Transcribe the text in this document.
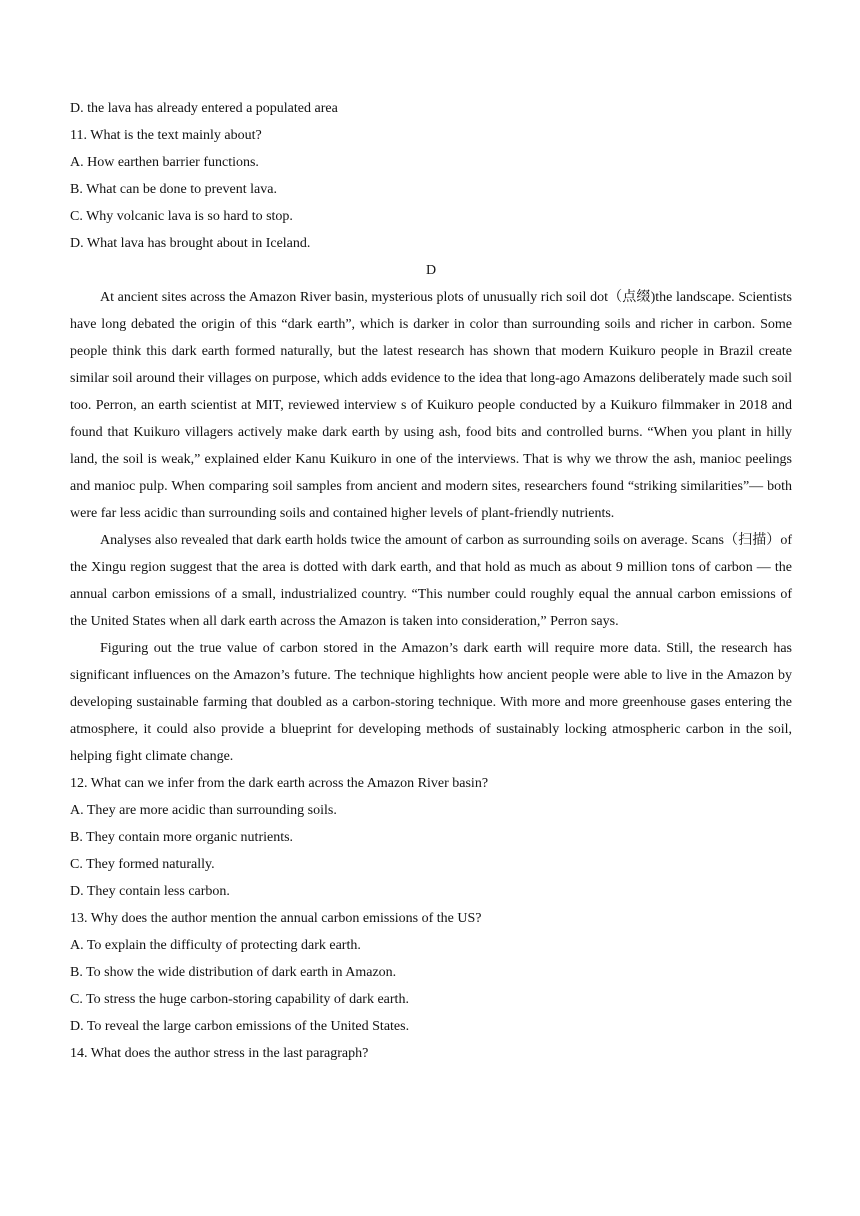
D. the lava has already entered a populated area
11. What is the text mainly about?
A. How earthen barrier functions.
B. What can be done to prevent lava.
C. Why volcanic lava is so hard to stop.
D. What lava has brought about in Iceland.
D
At ancient sites across the Amazon River basin, mysterious plots of unusually rich soil dot（点缀)the landscape. Scientists have long debated the origin of this “dark earth”, which is darker in color than surrounding soils and richer in carbon. Some people think this dark earth formed naturally, but the latest research has shown that modern Kuikuro people in Brazil create similar soil around their villages on purpose, which adds evidence to the idea that long-ago Amazons deliberately made such soil too. Perron, an earth scientist at MIT, reviewed interview s of Kuikuro people conducted by a Kuikuro filmmaker in 2018 and found that Kuikuro villagers actively make dark earth by using ash, food bits and controlled burns. “When you plant in hilly land, the soil is weak,” explained elder Kanu Kuikuro in one of the interviews. That is why we throw the ash, manioc peelings and manioc pulp. When comparing soil samples from ancient and modern sites, researchers found “striking similarities”— both were far less acidic than surrounding soils and contained higher levels of plant-friendly nutrients.
Analyses also revealed that dark earth holds twice the amount of carbon as surrounding soils on average. Scans（扫描）of the Xingu region suggest that the area is dotted with dark earth, and that hold as much as about 9 million tons of carbon — the annual carbon emissions of a small, industrialized country. “This number could roughly equal the annual carbon emissions of the United States when all dark earth across the Amazon is taken into consideration,” Perron says.
Figuring out the true value of carbon stored in the Amazon’s dark earth will require more data. Still, the research has significant influences on the Amazon’s future. The technique highlights how ancient people were able to live in the Amazon by developing sustainable farming that doubled as a carbon-storing technique. With more and more greenhouse gases entering the atmosphere, it could also provide a blueprint for developing methods of sustainably locking atmospheric carbon in the soil, helping fight climate change.
12. What can we infer from the dark earth across the Amazon River basin?
A. They are more acidic than surrounding soils.
B. They contain more organic nutrients.
C. They formed naturally.
D. They contain less carbon.
13. Why does the author mention the annual carbon emissions of the US?
A. To explain the difficulty of protecting dark earth.
B. To show the wide distribution of dark earth in Amazon.
C. To stress the huge carbon-storing capability of dark earth.
D. To reveal the large carbon emissions of the United States.
14. What does the author stress in the last paragraph?
